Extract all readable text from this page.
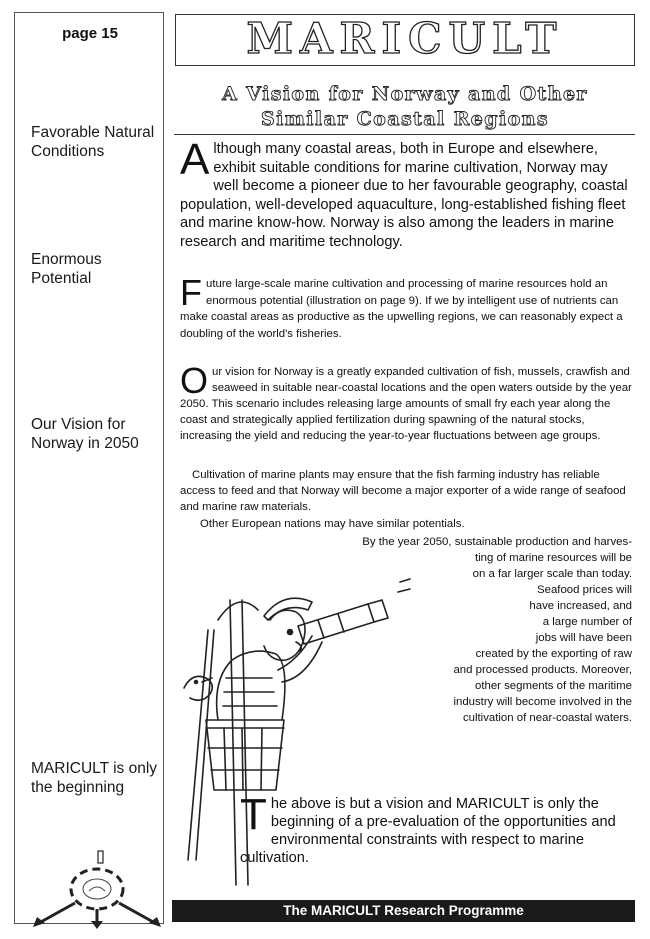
page 15
Favorable Natural Conditions
Enormous Potential
Our Vision for Norway in 2050
MARICULT is only the beginning
MARICULT
A Vision for Norway and Other Similar Coastal Regions
Although many coastal areas, both in Europe and elsewhere, exhibit suitable conditions for marine cultivation, Norway may well become a pioneer due to her favourable geography, coastal population, well-developed aquaculture, long-established fishing fleet and marine know-how. Norway is also among the leaders in marine research and maritime technology.
Future large-scale marine cultivation and processing of marine resources hold an enormous potential (illustration on page 9). If we by intelligent use of nutrients can make coastal areas as productive as the upwelling regions, we can reasonably expect a doubling of the world's fisheries.
Our vision for Norway is a greatly expanded cultivation of fish, mussels, crawfish and seaweed in suitable near-coastal locations and the open waters outside by the year 2050. This scenario includes releasing large amounts of small fry each year along the coast and strategically applied fertilization during spawning of the natural stocks, increasing the yield and reducing the year-to-year fluctuations between age groups.
Cultivation of marine plants may ensure that the fish farming industry has reliable access to feed and that Norway will become a major exporter of a wide range of seafood and marine raw materials.
Other European nations may have similar potentials.
By the year 2050, sustainable production and harves-
ting of marine resources will be
on a far larger scale than today.
Seafood prices will
have increased, and
a large number of
jobs will have been
created by the exporting of raw
and processed products. Moreover,
other segments of the maritime
industry will become involved in the
cultivation of near-coastal waters.
The above is but a vision and MARICULT is only the beginning of a pre-evaluation of the opportunities and environmental constraints with respect to marine cultivation.
The MARICULT Research Programme
